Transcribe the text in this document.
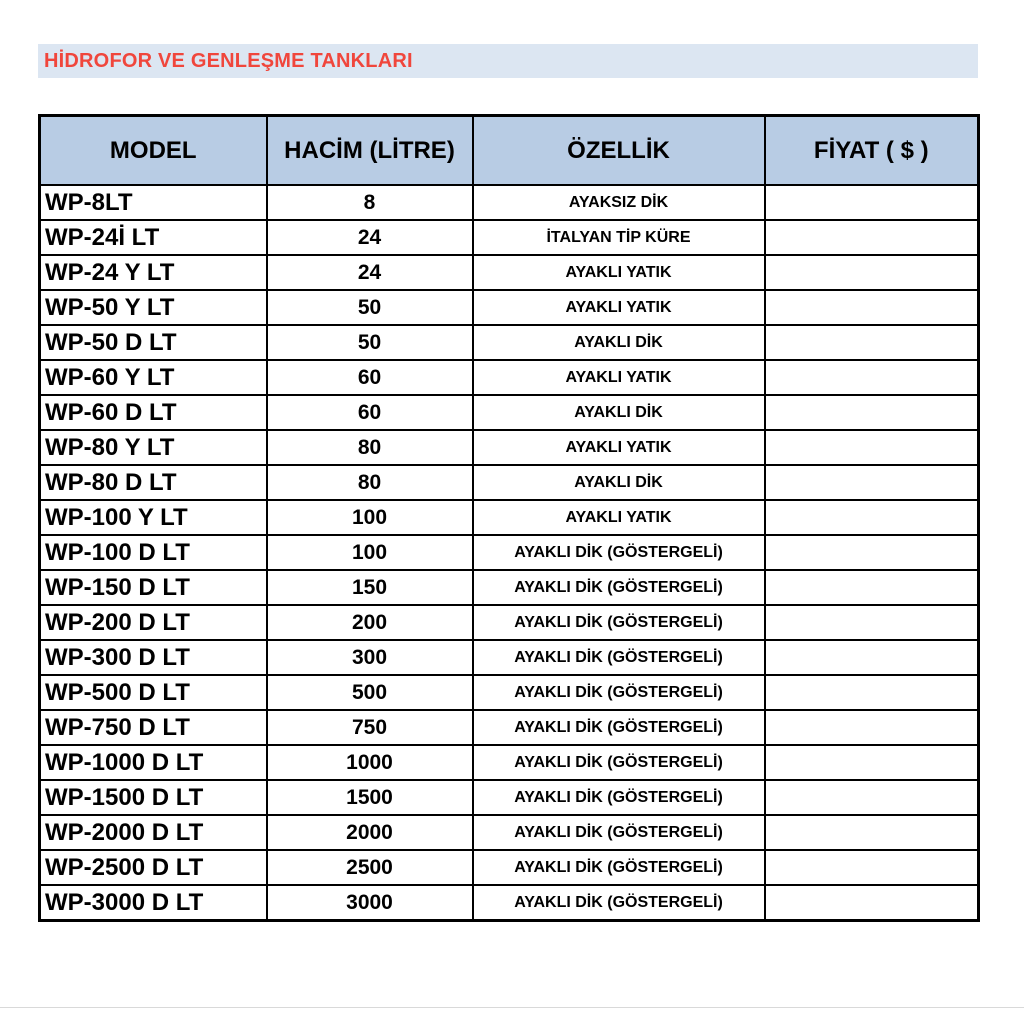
HİDROFOR VE GENLEŞME TANKLARI
MODEL	HACİM (LİTRE)	ÖZELLİK	FİYAT ( $ )
WP-8LT	8	AYAKSIZ DİK	
WP-24İ LT	24	İTALYAN TİP KÜRE	
WP-24 Y LT	24	AYAKLI YATIK	
WP-50 Y LT	50	AYAKLI YATIK	
WP-50 D LT	50	AYAKLI DİK	
WP-60 Y LT	60	AYAKLI YATIK	
WP-60 D LT	60	AYAKLI DİK	
WP-80 Y LT	80	AYAKLI YATIK	
WP-80 D LT	80	AYAKLI DİK	
WP-100 Y LT	100	AYAKLI YATIK	
WP-100 D LT	100	AYAKLI DİK (GÖSTERGELİ)	
WP-150 D LT	150	AYAKLI DİK (GÖSTERGELİ)	
WP-200 D LT	200	AYAKLI DİK (GÖSTERGELİ)	
WP-300 D LT	300	AYAKLI DİK (GÖSTERGELİ)	
WP-500 D LT	500	AYAKLI DİK (GÖSTERGELİ)	
WP-750 D LT	750	AYAKLI DİK (GÖSTERGELİ)	
WP-1000 D LT	1000	AYAKLI DİK (GÖSTERGELİ)	
WP-1500 D LT	1500	AYAKLI DİK (GÖSTERGELİ)	
WP-2000 D LT	2000	AYAKLI DİK (GÖSTERGELİ)	
WP-2500 D LT	2500	AYAKLI DİK (GÖSTERGELİ)	
WP-3000 D LT	3000	AYAKLI DİK (GÖSTERGELİ)	
